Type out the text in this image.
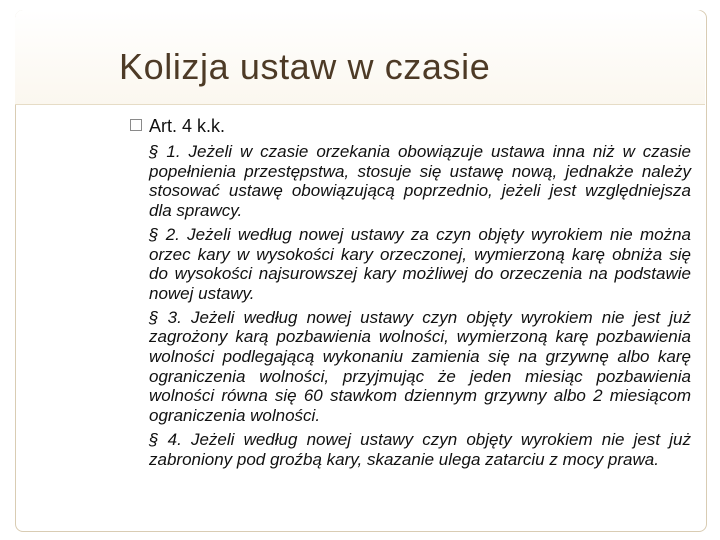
Kolizja ustaw w czasie
Art. 4 k.k.

§ 1. Jeżeli w czasie orzekania obowiązuje ustawa inna niż w czasie popełnienia przestępstwa, stosuje się ustawę nową, jednakże należy stosować ustawę obowiązującą poprzednio, jeżeli jest względniejsza dla sprawcy.

§ 2. Jeżeli według nowej ustawy za czyn objęty wyrokiem nie można orzec kary w wysokości kary orzeczonej, wymierzoną karę obniża się do wysokości najsurowszej kary możliwej do orzeczenia na podstawie nowej ustawy.

§ 3. Jeżeli według nowej ustawy czyn objęty wyrokiem nie jest już zagrożony karą pozbawienia wolności, wymierzoną karę pozbawienia wolności podlegającą wykonaniu zamienia się na grzywnę albo karę ograniczenia wolności, przyjmując że jeden miesiąc pozbawienia wolności równa się 60 stawkom dziennym grzywny albo 2 miesiącom ograniczenia wolności.

§ 4. Jeżeli według nowej ustawy czyn objęty wyrokiem nie jest już zabroniony pod groźbą kary, skazanie ulega zatarciu z mocy prawa.
